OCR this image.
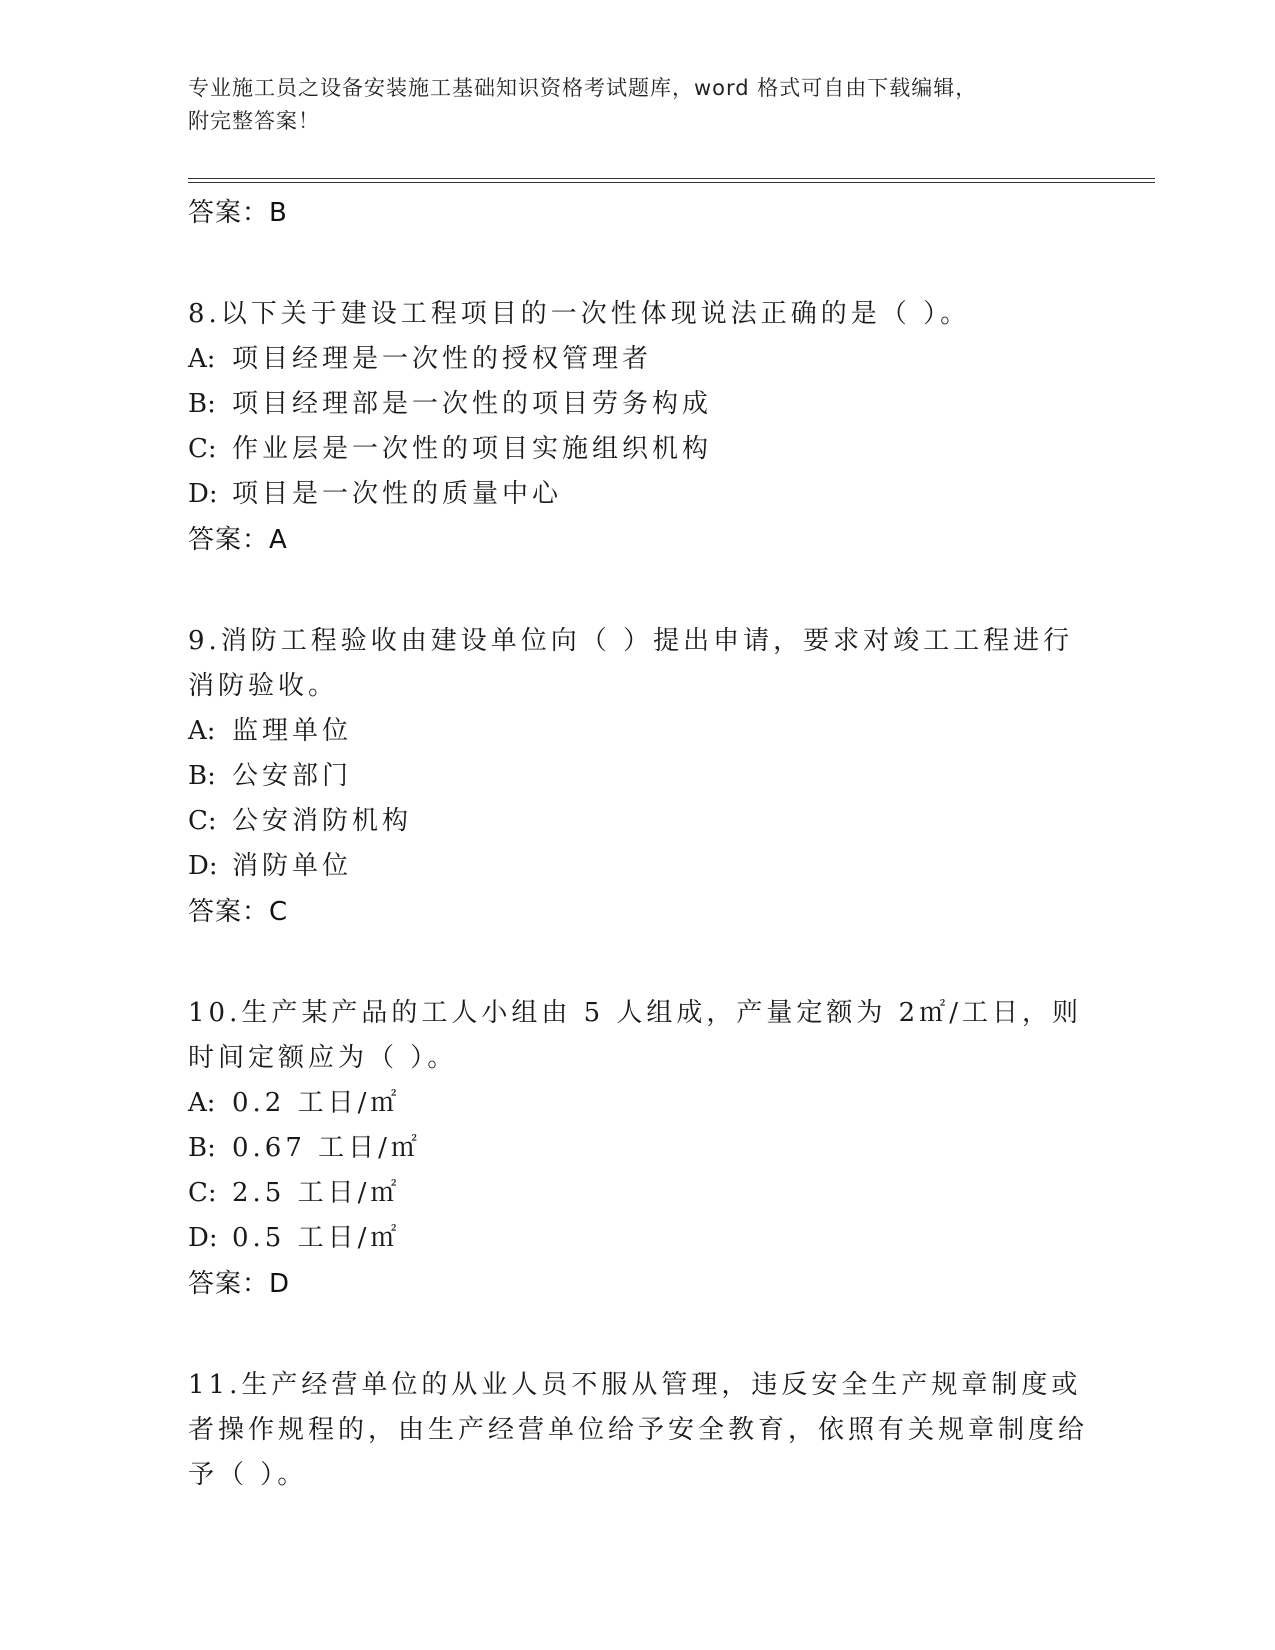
专业施工员之设备安装施工基础知识资格考试题库，word 格式可自由下载编辑，
附完整答案！
答案：B
8.以下关于建设工程项目的一次性体现说法正确的是（ ）。
A: 项目经理是一次性的授权管理者
B: 项目经理部是一次性的项目劳务构成
C: 作业层是一次性的项目实施组织机构
D: 项目是一次性的质量中心
答案：A
9.消防工程验收由建设单位向（ ）提出申请，要求对竣工工程进行消防验收。
A: 监理单位
B: 公安部门
C: 公安消防机构
D: 消防单位
答案：C
10.生产某产品的工人小组由 5 人组成，产量定额为 2㎡/工日，则时间定额应为（ ）。
A: 0.2 工日/㎡
B: 0.67 工日/㎡
C: 2.5 工日/㎡
D: 0.5 工日/㎡
答案：D
11.生产经营单位的从业人员不服从管理，违反安全生产规章制度或者操作规程的，由生产经营单位给予安全教育，依照有关规章制度给予（ ）。
